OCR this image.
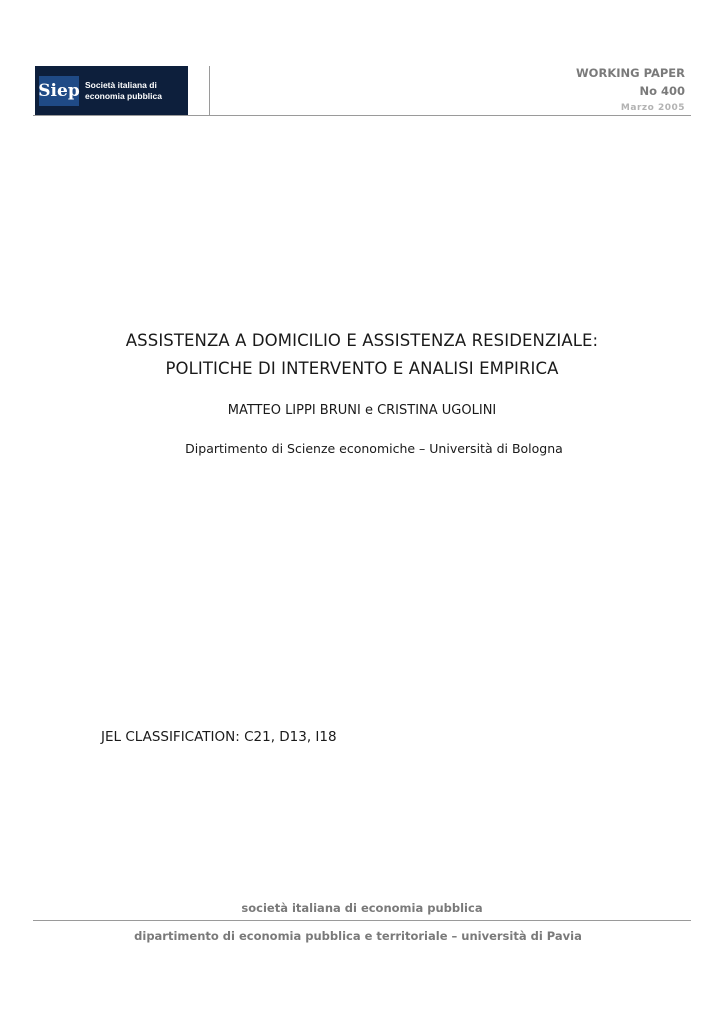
Siep Società italiana di
economia pubblica
WORKING PAPER
No 400
Marzo 2005
ASSISTENZA A DOMICILIO E ASSISTENZA RESIDENZIALE:
POLITICHE DI INTERVENTO E ANALISI EMPIRICA
MATTEO LIPPI BRUNI e CRISTINA UGOLINI
Dipartimento di Scienze economiche – Università di Bologna
JEL CLASSIFICATION: C21, D13, I18
società italiana di economia pubblica
dipartimento di economia pubblica e territoriale – università di Pavia
